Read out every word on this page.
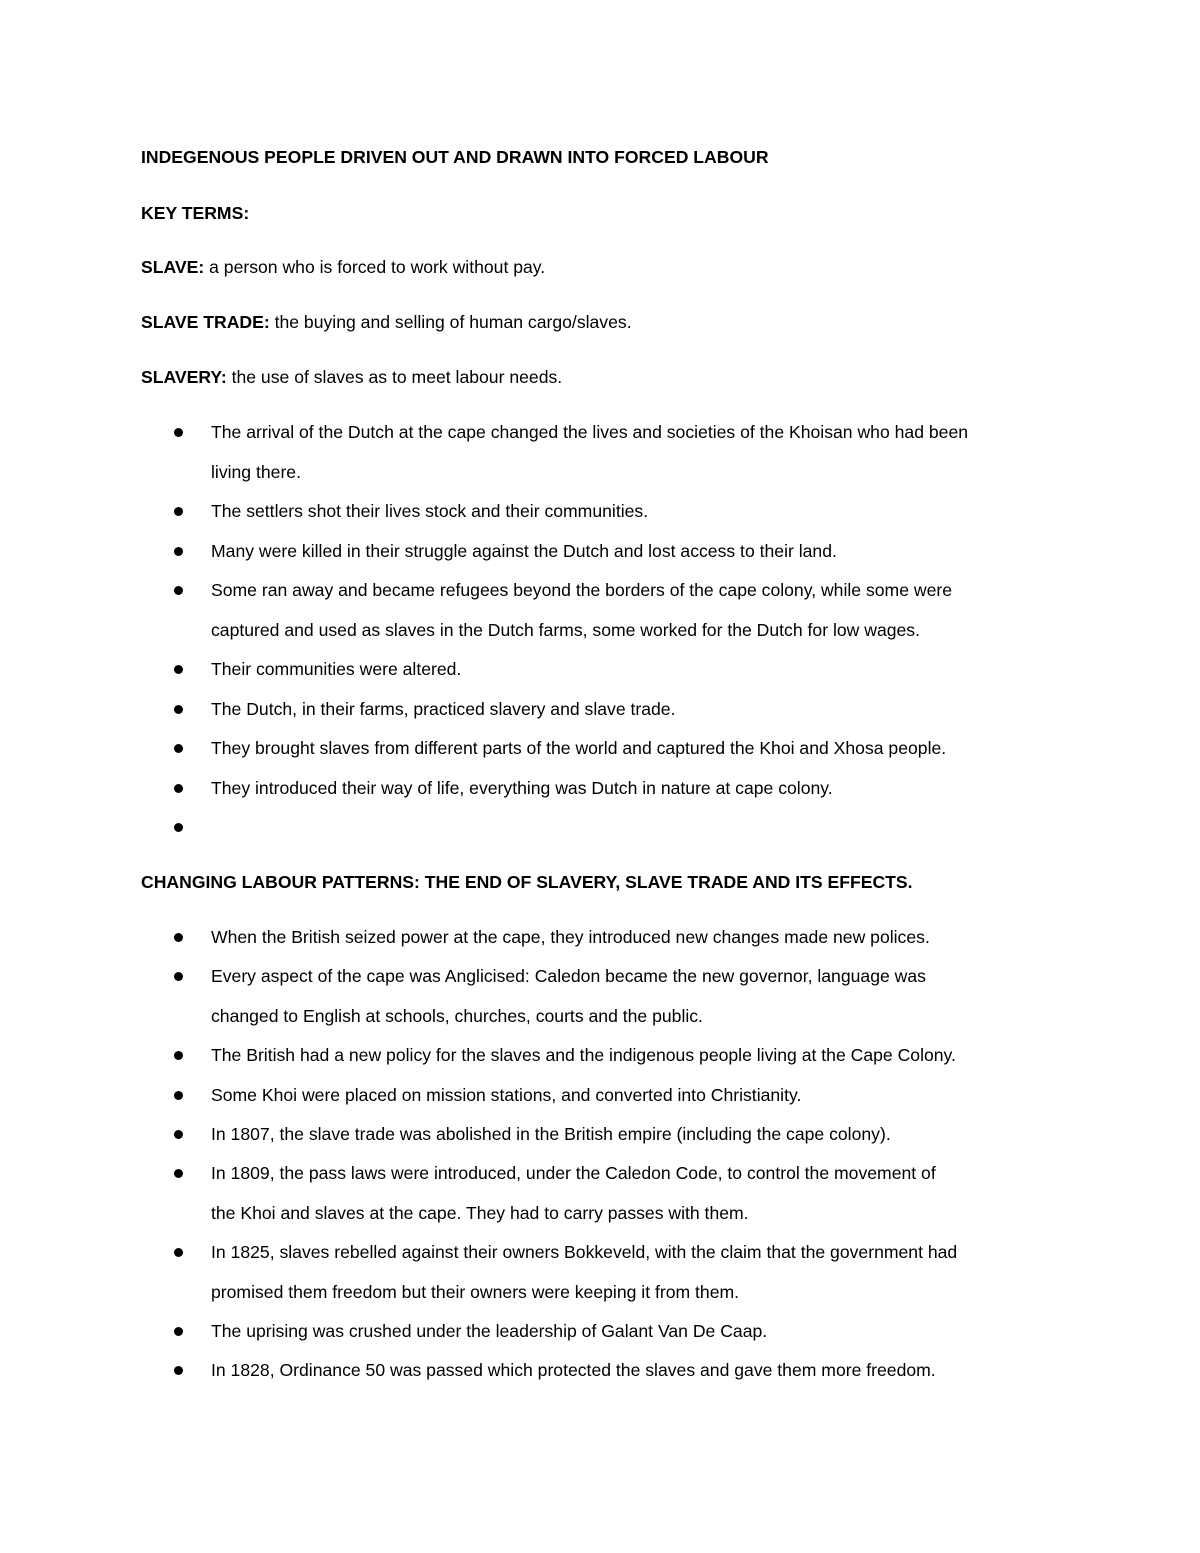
INDEGENOUS PEOPLE DRIVEN OUT AND DRAWN INTO FORCED LABOUR
KEY TERMS:
SLAVE: a person who is forced to work without pay.
SLAVE TRADE: the buying and selling of human cargo/slaves.
SLAVERY: the use of slaves as to meet labour needs.
The arrival of the Dutch at the cape changed the lives and societies of the Khoisan who had been
living there.
The settlers shot their lives stock and their communities.
Many were killed in their struggle against the Dutch and lost access to their land.
Some ran away and became refugees beyond the borders of the cape colony, while some were
captured and used as slaves in the Dutch farms, some worked for the Dutch for low wages.
Their communities were altered.
The Dutch, in their farms, practiced slavery and slave trade.
They brought slaves from different parts of the world and captured the Khoi and Xhosa people.
They introduced their way of life, everything was Dutch in nature at cape colony.
CHANGING LABOUR PATTERNS: THE END OF SLAVERY, SLAVE TRADE AND ITS EFFECTS.
When the British seized power at the cape, they introduced new changes made new polices.
Every aspect of the cape was Anglicised: Caledon became the new governor, language was
changed to English at schools, churches, courts and the public.
The British had a new policy for the slaves and the indigenous people living at the Cape Colony.
Some Khoi were placed on mission stations, and converted into Christianity.
In 1807, the slave trade was abolished in the British empire (including the cape colony).
In 1809, the pass laws were introduced, under the Caledon Code, to control the movement of
the Khoi and slaves at the cape. They had to carry passes with them.
In 1825, slaves rebelled against their owners Bokkeveld, with the claim that the government had
promised them freedom but their owners were keeping it from them.
The uprising was crushed under the leadership of Galant Van De Caap.
In 1828, Ordinance 50 was passed which protected the slaves and gave them more freedom.
